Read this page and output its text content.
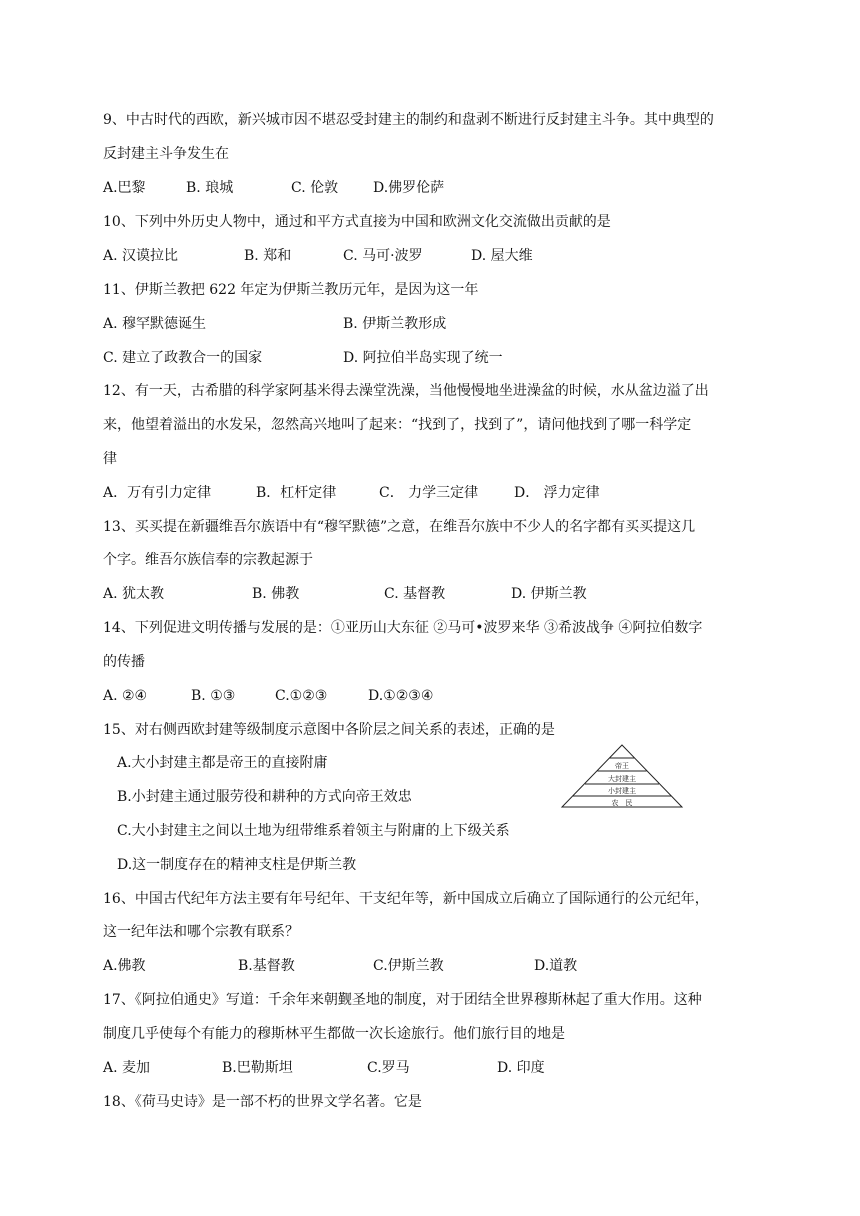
9、中古时代的西欧，新兴城市因不堪忍受封建主的制约和盘剥不断进行反封建主斗争。其中典型的
反封建主斗争发生在
A.巴黎	B. 琅城	C. 伦敦 D.佛罗伦萨
10、下列中外历史人物中，通过和平方式直接为中国和欧洲文化交流做出贡献的是
A. 汉谟拉比	B. 郑和	C. 马可·波罗	D. 屋大维
11、伊斯兰教把 622 年定为伊斯兰教历元年，是因为这一年
A. 穆罕默德诞生	B. 伊斯兰教形成
C. 建立了政教合一的国家	D. 阿拉伯半岛实现了统一
12、有一天，古希腊的科学家阿基米得去澡堂洗澡，当他慢慢地坐进澡盆的时候，水从盆边溢了出
来，他望着溢出的水发呆，忽然高兴地叫了起来：“找到了，找到了”，请问他找到了哪一科学定
律
A．万有引力定律	B．杠杆定律	C． 力学三定律	D． 浮力定律
13、买买提在新疆维吾尔族语中有“穆罕默德”之意，在维吾尔族中不少人的名字都有买买提这几
个字。维吾尔族信奉的宗教起源于
A. 犹太教	B. 佛教	C. 基督教	D. 伊斯兰教
14、下列促进文明传播与发展的是：①亚历山大东征 ②马可•波罗来华 ③希波战争 ④阿拉伯数字
的传播
A. ②④	B. ①③	C.①②③	D.①②③④
15、对右侧西欧封建等级制度示意图中各阶层之间关系的表述，正确的是
A.大小封建主都是帝王的直接附庸
B.小封建主通过服劳役和耕种的方式向帝王效忠
C.大小封建主之间以土地为纽带维系着领主与附庸的上下级关系
D.这一制度存在的精神支柱是伊斯兰教
帝王
大封建主
小封建主
农　民
16、中国古代纪年方法主要有年号纪年、干支纪年等，新中国成立后确立了国际通行的公元纪年，
这一纪年法和哪个宗教有联系？
A.佛教	B.基督教	C.伊斯兰教	D.道教
17、《阿拉伯通史》写道：千余年来朝觐圣地的制度，对于团结全世界穆斯林起了重大作用。这种
制度几乎使每个有能力的穆斯林平生都做一次长途旅行。他们旅行目的地是
A. 麦加	B.巴勒斯坦	C.罗马	D. 印度
18、《荷马史诗》是一部不朽的世界文学名著。它是
